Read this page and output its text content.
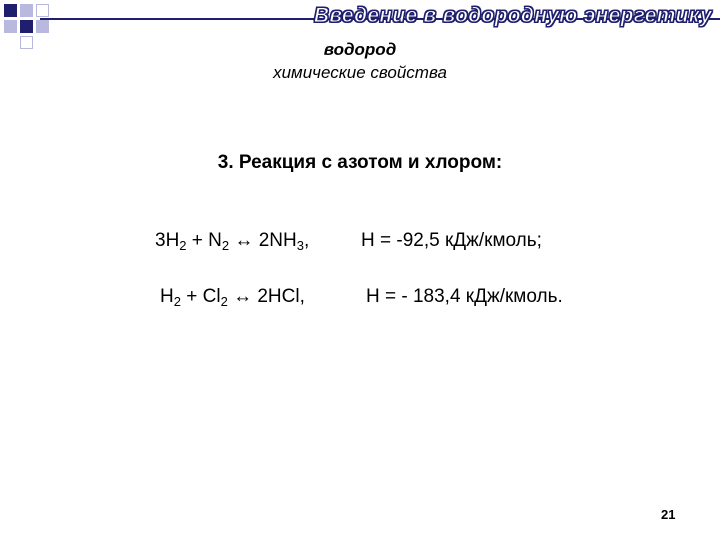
Введение в водородную энергетику
водород
химические свойства
3. Реакция с азотом и хлором:
$3H_2 + N_2$ ↔ $2NH_3$,	H = -92,5 кДж/кмоль;
$H_2 + Cl_2$ ↔ 2HCl,	H = - 183,4 кДж/кмоль.
21
